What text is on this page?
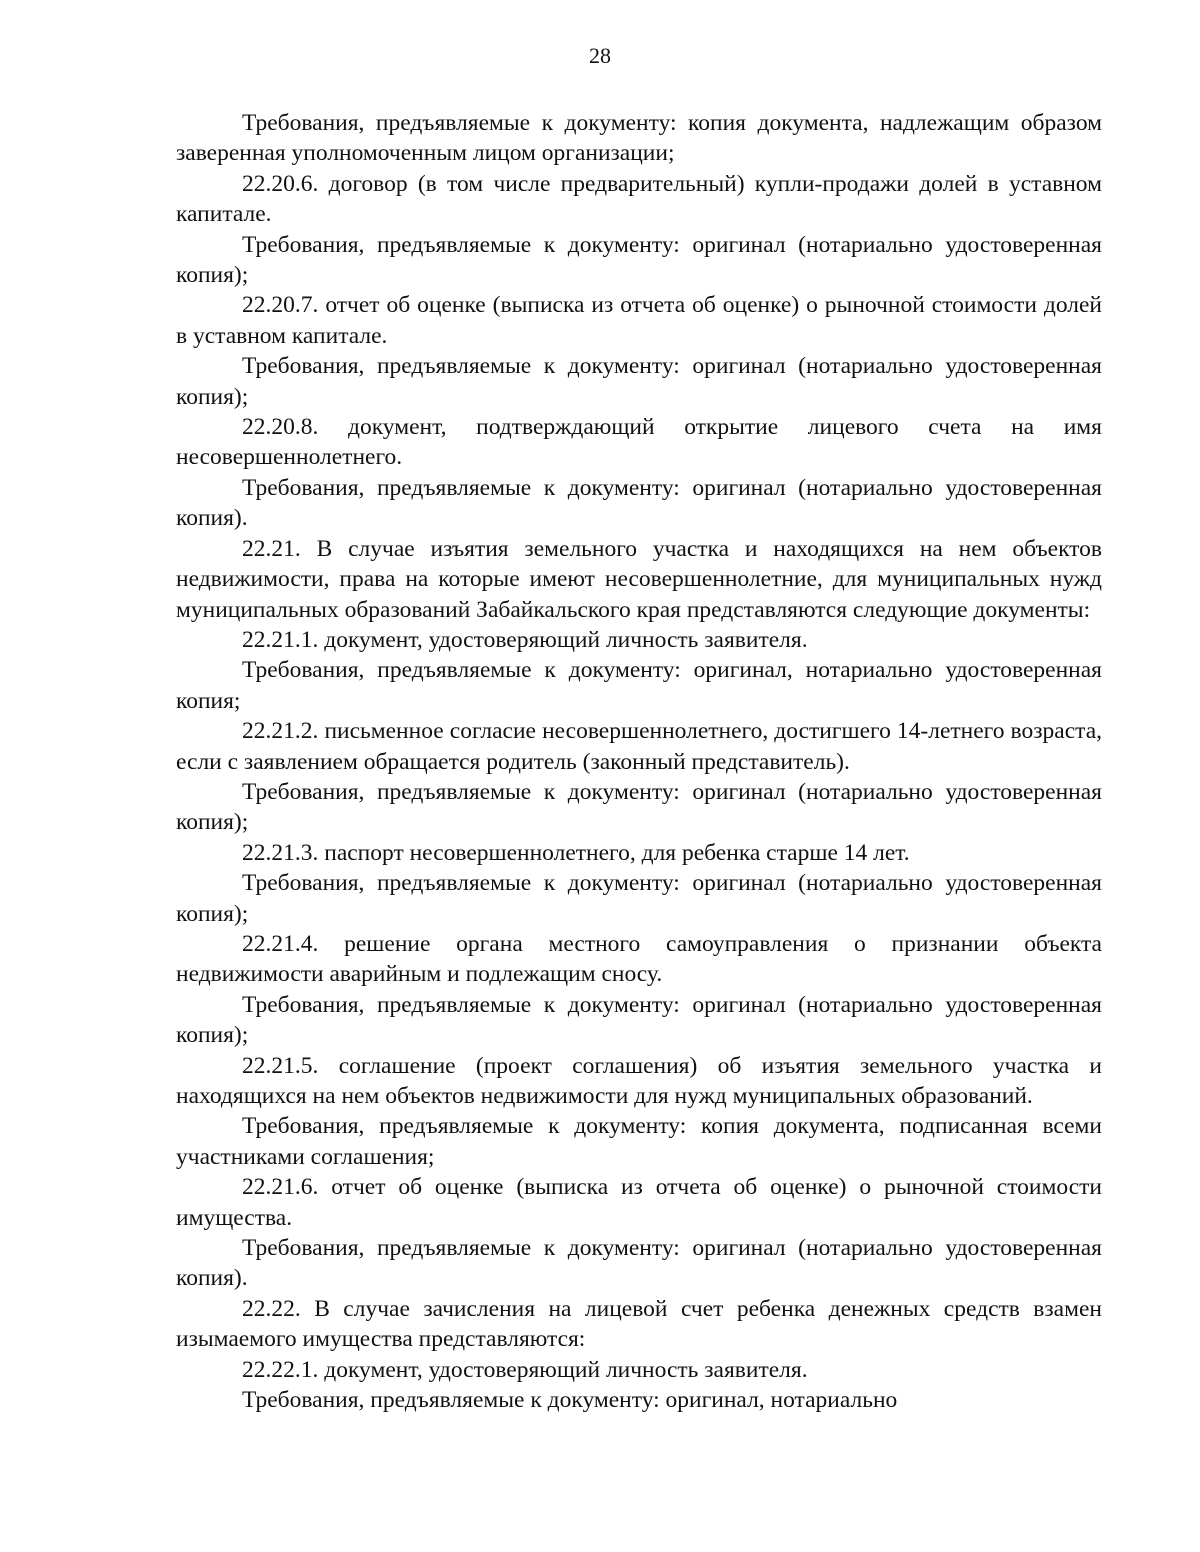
28

Требования, предъявляемые к документу: копия документа, надлежащим образом заверенная уполномоченным лицом организации;

22.20.6. договор (в том числе предварительный) купли-продажи долей в уставном капитале.

Требования, предъявляемые к документу: оригинал (нотариально удостоверенная копия);

22.20.7. отчет об оценке (выписка из отчета об оценке) о рыночной стоимости долей в уставном капитале.

Требования, предъявляемые к документу: оригинал (нотариально удостоверенная копия);

22.20.8. документ, подтверждающий открытие лицевого счета на имя несовершеннолетнего.

Требования, предъявляемые к документу: оригинал (нотариально удостоверенная копия).

22.21. В случае изъятия земельного участка и находящихся на нем объектов недвижимости, права на которые имеют несовершеннолетние, для муниципальных нужд муниципальных образований Забайкальского края представляются следующие документы:

22.21.1. документ, удостоверяющий личность заявителя.

Требования, предъявляемые к документу: оригинал, нотариально удостоверенная копия;

22.21.2. письменное согласие несовершеннолетнего, достигшего 14-летнего возраста, если с заявлением обращается родитель (законный представитель).

Требования, предъявляемые к документу: оригинал (нотариально удостоверенная копия);

22.21.3. паспорт несовершеннолетнего, для ребенка старше 14 лет.

Требования, предъявляемые к документу: оригинал (нотариально удостоверенная копия);

22.21.4. решение органа местного самоуправления о признании объекта недвижимости аварийным и подлежащим сносу.

Требования, предъявляемые к документу: оригинал (нотариально удостоверенная копия);

22.21.5. соглашение (проект соглашения) об изъятия земельного участка и находящихся на нем объектов недвижимости для нужд муниципальных образований.

Требования, предъявляемые к документу: копия документа, подписанная всеми участниками соглашения;

22.21.6. отчет об оценке (выписка из отчета об оценке) о рыночной стоимости имущества.

Требования, предъявляемые к документу: оригинал (нотариально удостоверенная копия).

22.22. В случае зачисления на лицевой счет ребенка денежных средств взамен изымаемого имущества представляются:

22.22.1. документ, удостоверяющий личность заявителя.

Требования, предъявляемые к документу: оригинал, нотариально
